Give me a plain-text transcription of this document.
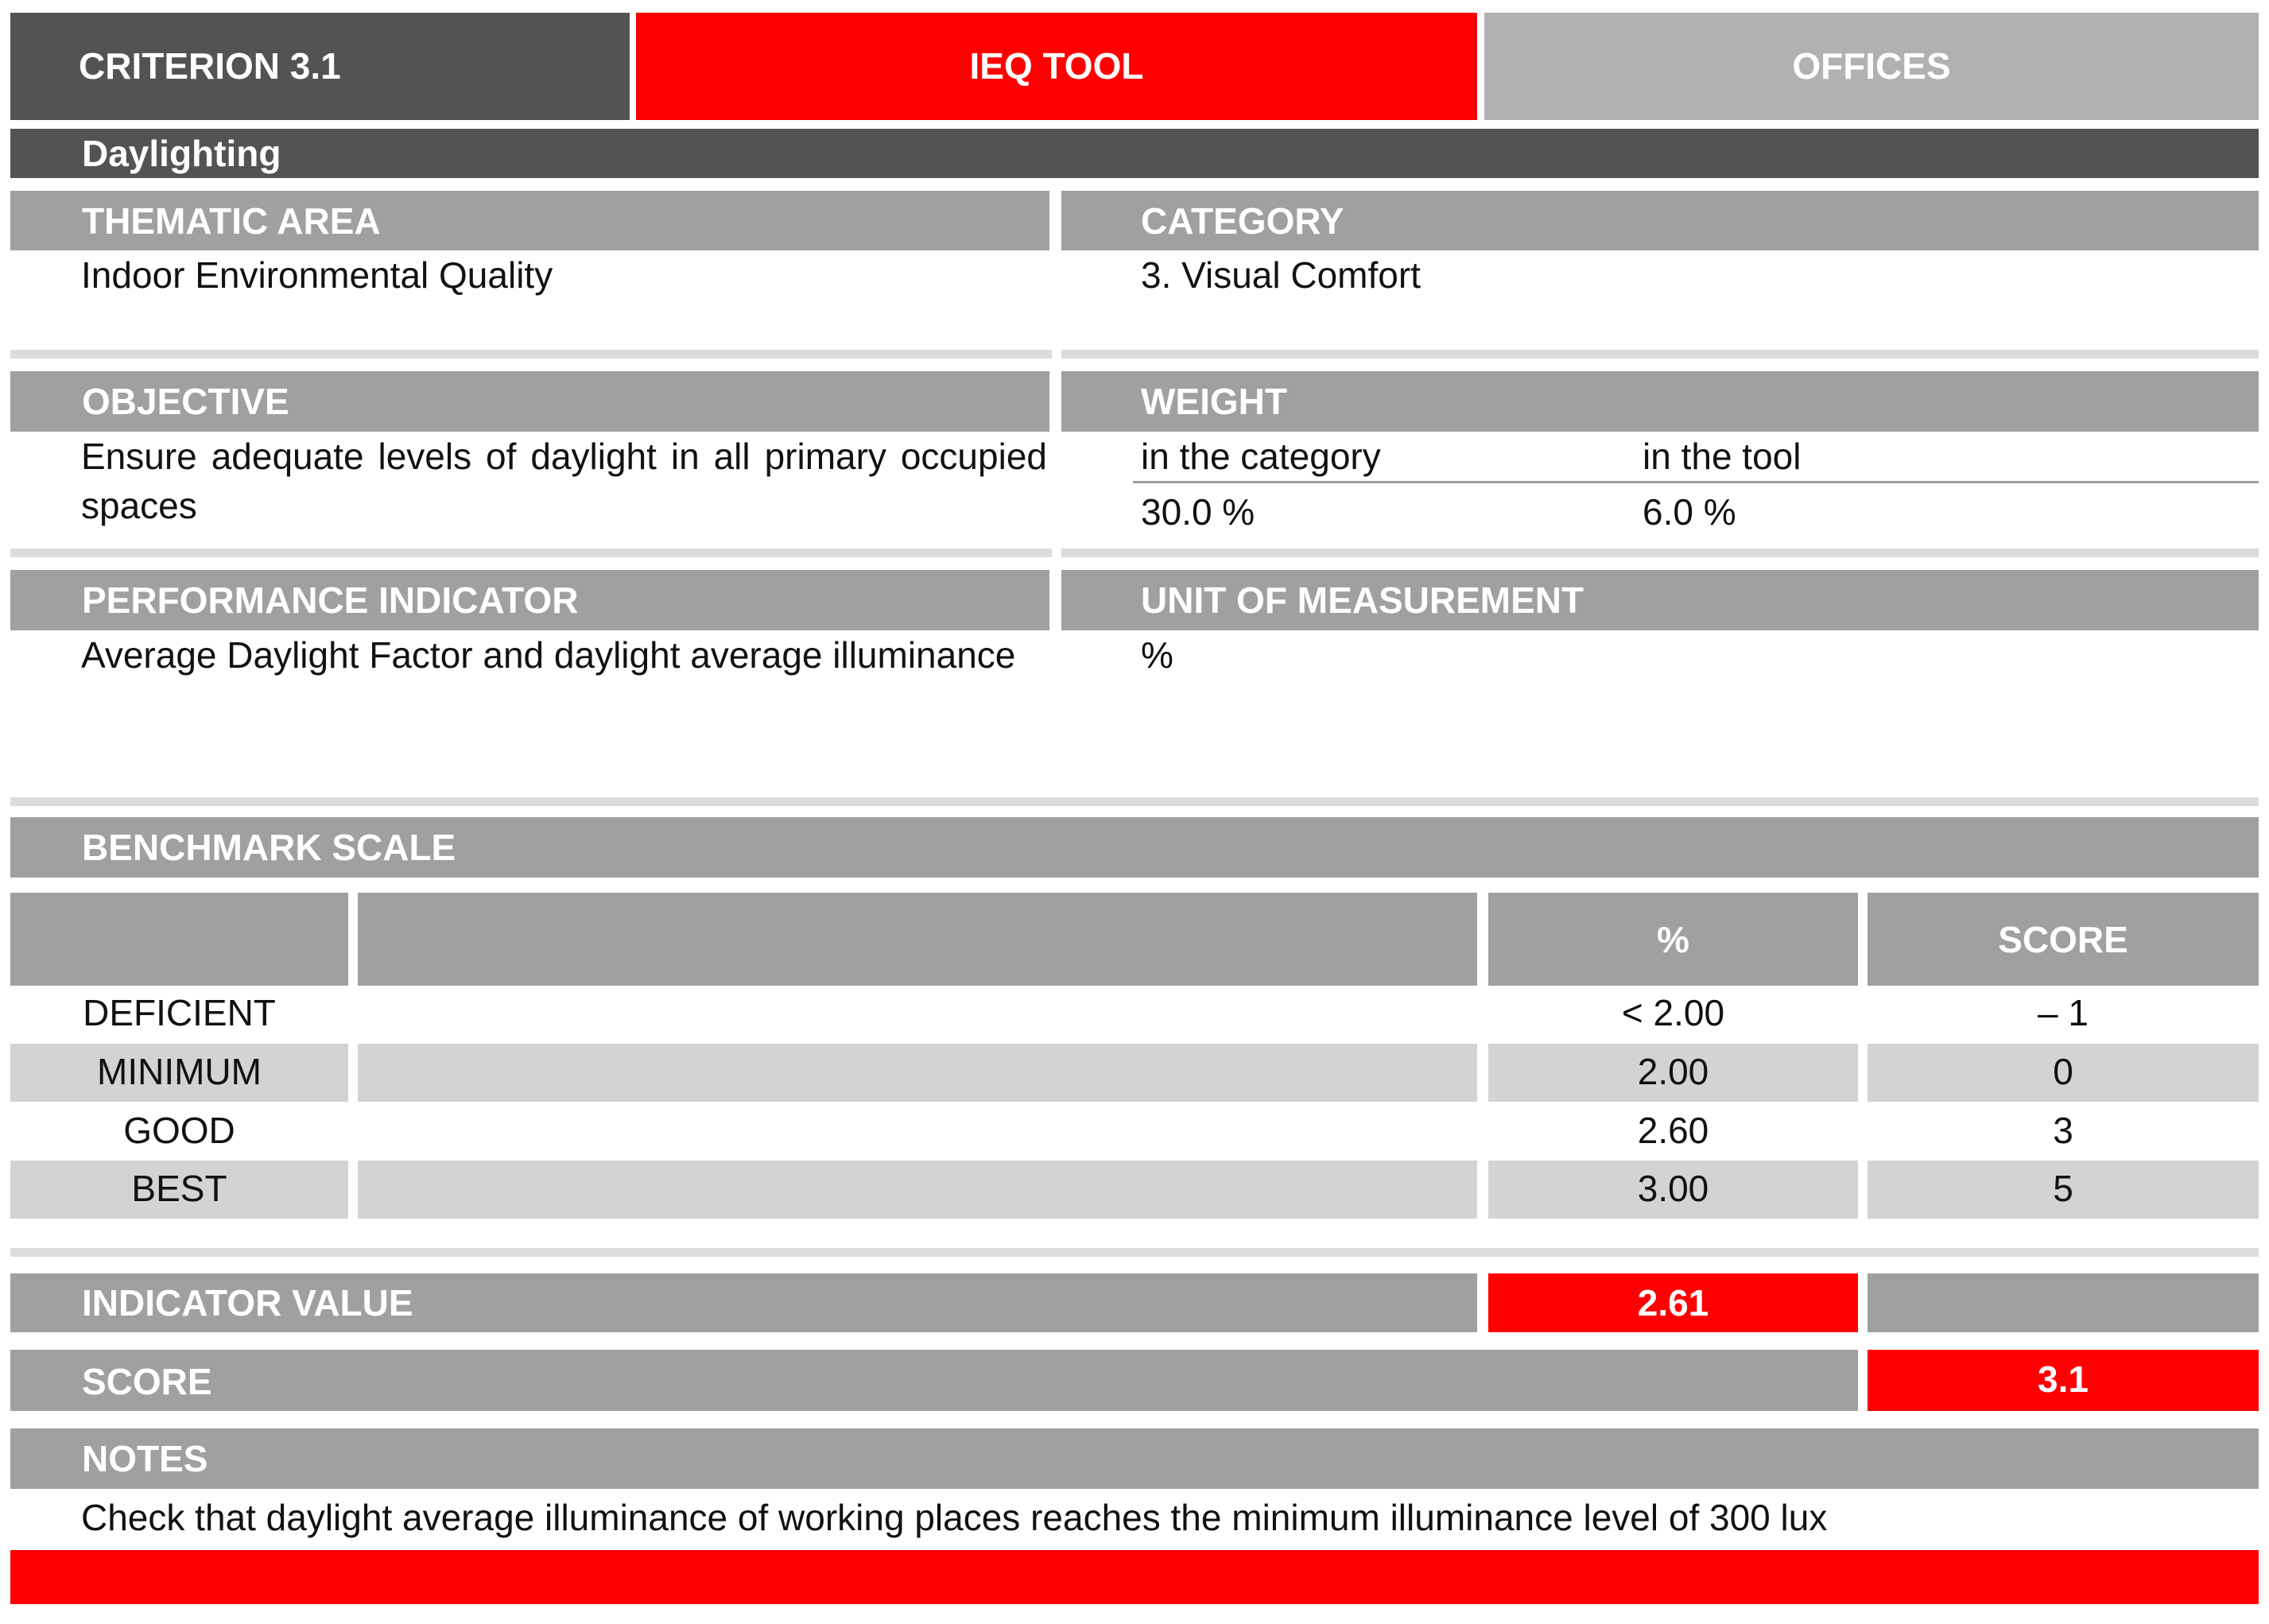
CRITERION 3.1	IEQ TOOL	OFFICES
Daylighting
THEMATIC AREA
Indoor Environmental Quality
CATEGORY
3. Visual Comfort
OBJECTIVE
Ensure adequate levels of daylight in all primary occupied spaces
WEIGHT
in the category	in the tool
30.0 %	6.0 %
PERFORMANCE INDICATOR
Average Daylight Factor and daylight average illuminance
UNIT OF MEASUREMENT
%
BENCHMARK SCALE
%	SCORE
DEFICIENT	< 2.00	– 1
MINIMUM	2.00	0
GOOD	2.60	3
BEST	3.00	5
INDICATOR VALUE	2.61
SCORE	3.1
NOTES
Check that daylight average illuminance of working places reaches the minimum illuminance level of 300 lux
